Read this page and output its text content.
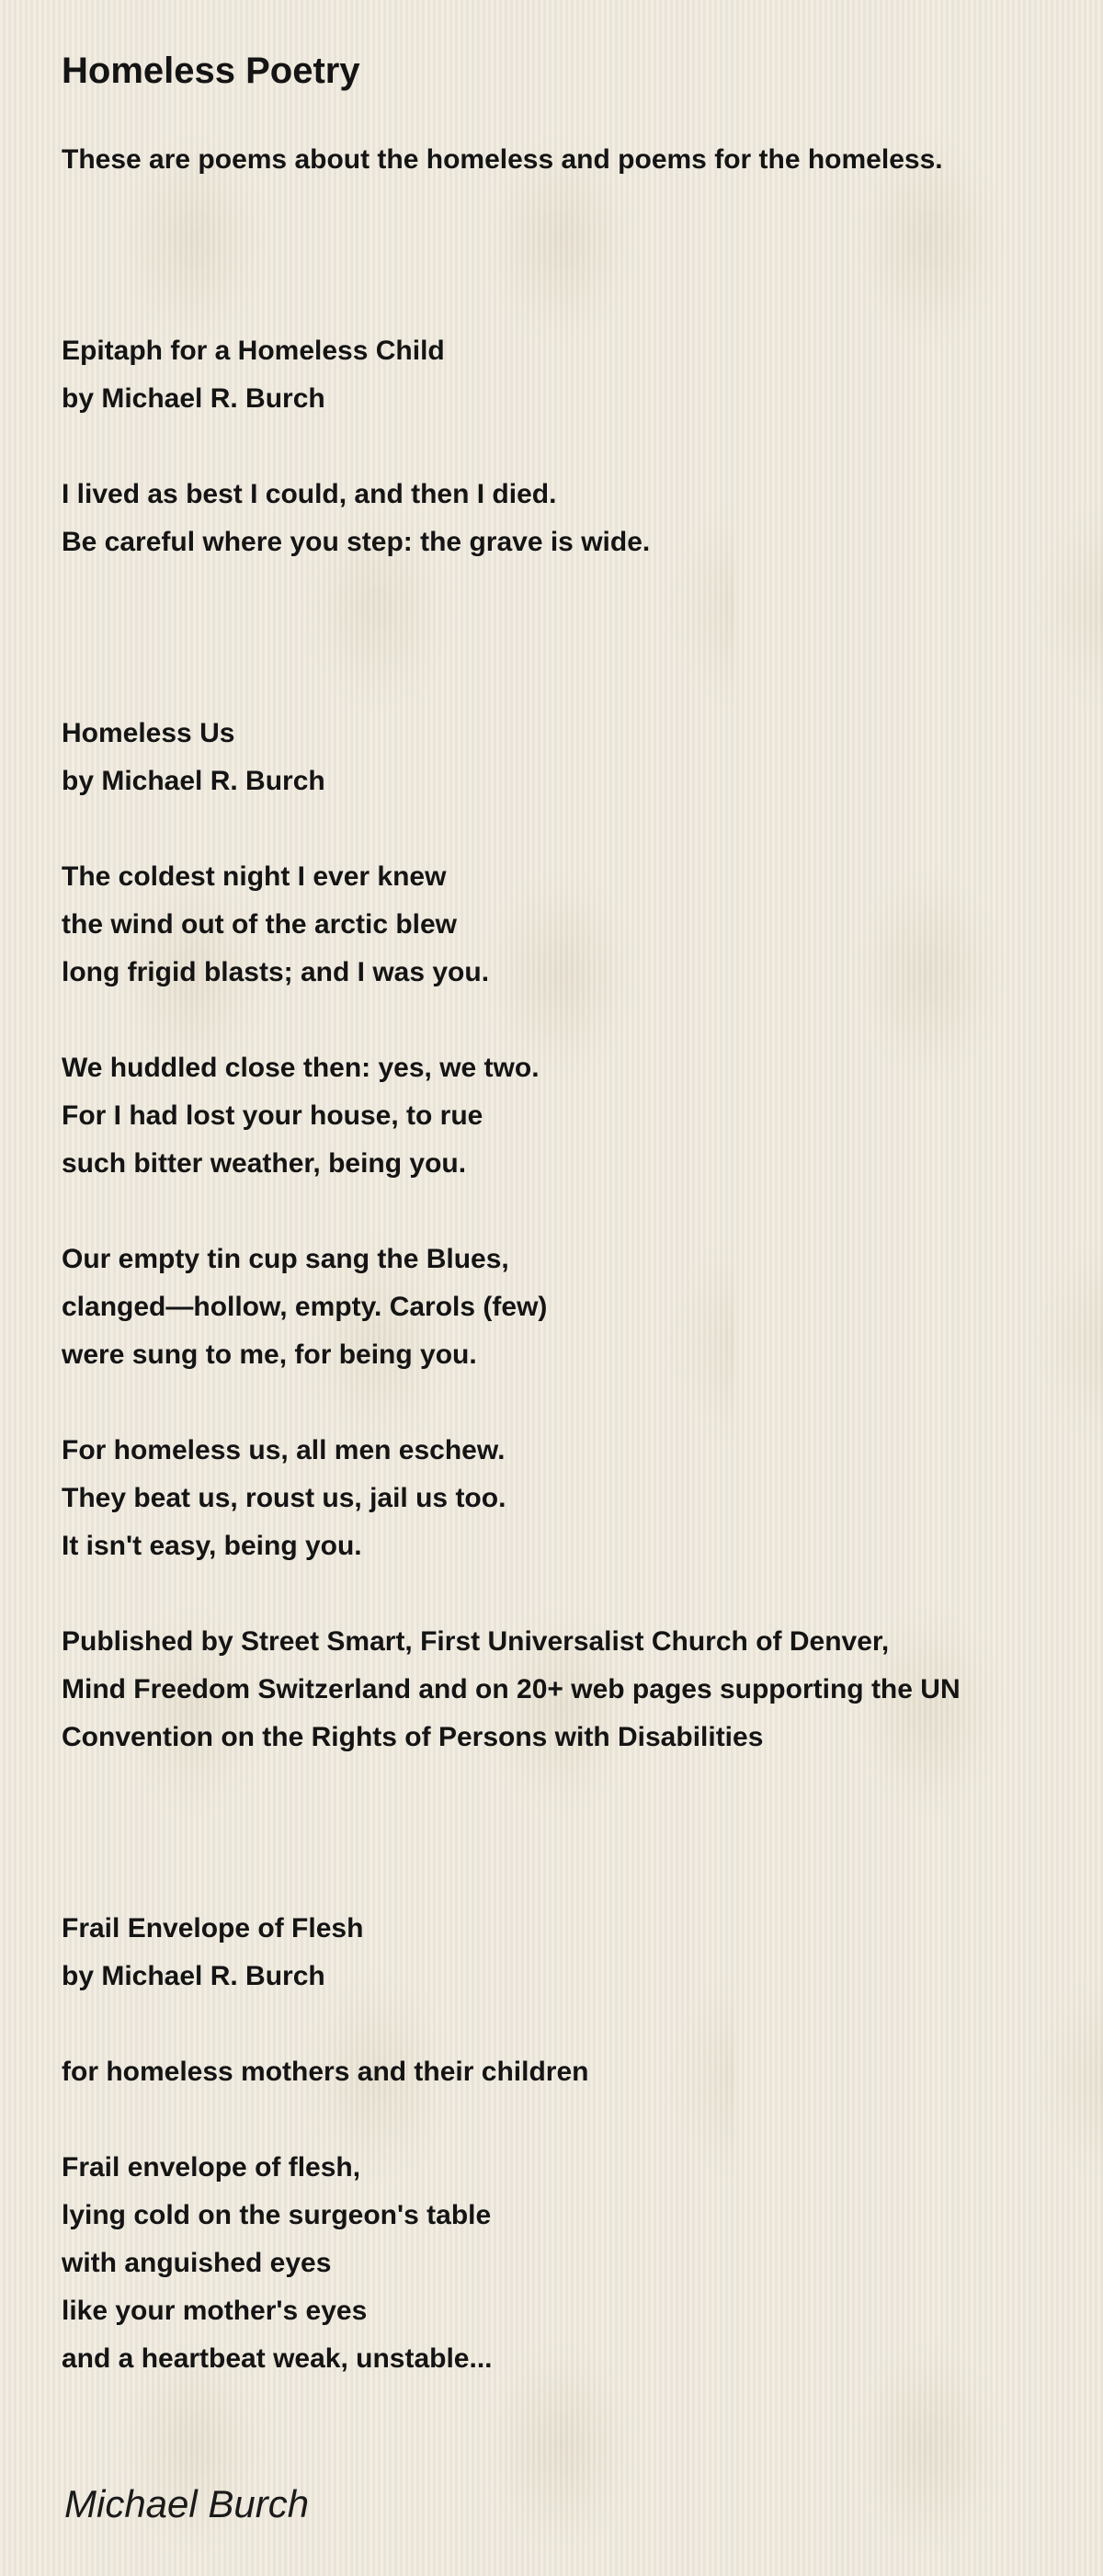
Homeless Poetry
These are poems about the homeless and poems for the homeless.
Epitaph for a Homeless Child
by Michael R. Burch
I lived as best I could, and then I died.
Be careful where you step: the grave is wide.
Homeless Us
by Michael R. Burch
The coldest night I ever knew
the wind out of the arctic blew
long frigid blasts; and I was you.
We huddled close then: yes, we two.
For I had lost your house, to rue
such bitter weather, being you.
Our empty tin cup sang the Blues,
clanged—hollow, empty. Carols (few)
were sung to me, for being you.
For homeless us, all men eschew.
They beat us, roust us, jail us too.
It isn't easy, being you.
Published by Street Smart, First Universalist Church of Denver,
Mind Freedom Switzerland and on 20+ web pages supporting the UN
Convention on the Rights of Persons with Disabilities
Frail Envelope of Flesh
by Michael R. Burch
for homeless mothers and their children
Frail envelope of flesh,
lying cold on the surgeon's table
with anguished eyes
like your mother's eyes
and a heartbeat weak, unstable...
Michael Burch
